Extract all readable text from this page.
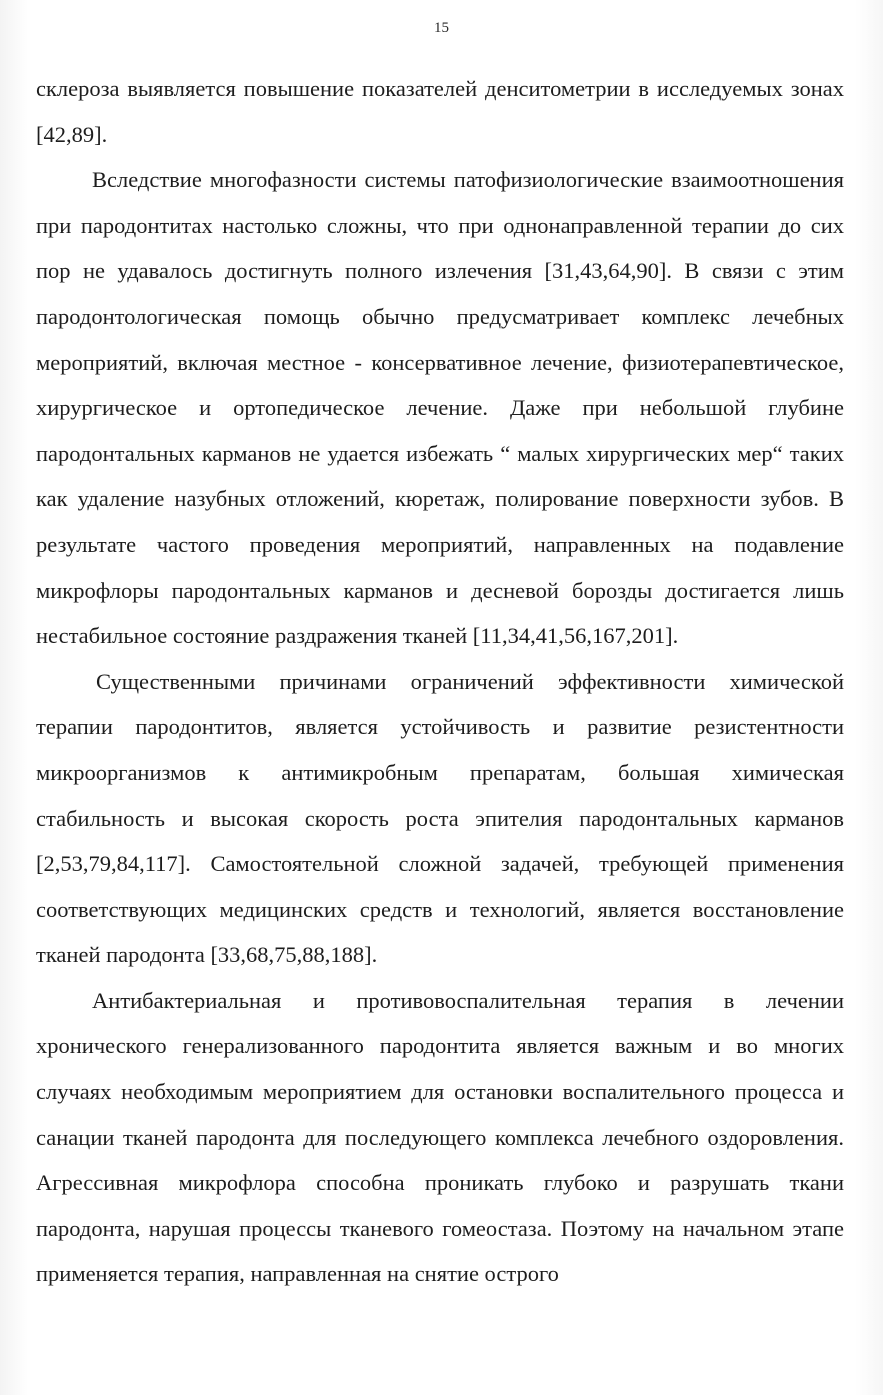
15

склероза выявляется повышение показателей денситометрии в исследуемых зонах [42,89].

Вследствие многофазности системы патофизиологические взаимоотношения при пародонтитах настолько сложны, что при однонаправленной терапии до сих пор не удавалось достигнуть полного излечения [31,43,64,90]. В связи с этим пародонтологическая помощь обычно предусматривает комплекс лечебных мероприятий, включая местное - консервативное лечение, физиотерапевтическое, хирургическое и ортопедическое лечение. Даже при небольшой глубине пародонтальных карманов не удается избежать “ малых хирургических мер“ таких как удаление назубных отложений, кюретаж, полирование поверхности зубов. В результате частого проведения мероприятий, направленных на подавление микрофлоры пародонтальных карманов и десневой борозды достигается лишь нестабильное состояние раздражения тканей [11,34,41,56,167,201].

Существенными причинами ограничений эффективности химической терапии пародонтитов, является устойчивость и развитие резистентности микроорганизмов к антимикробным препаратам, большая химическая стабильность и высокая скорость роста эпителия пародонтальных карманов [2,53,79,84,117]. Самостоятельной сложной задачей, требующей применения соответствующих медицинских средств и технологий, является восстановление тканей пародонта [33,68,75,88,188].

Антибактериальная и противовоспалительная терапия в лечении хронического генерализованного пародонтита является важным и во многих случаях необходимым мероприятием для остановки воспалительного процесса и санации тканей пародонта для последующего комплекса лечебного оздоровления. Агрессивная микрофлора способна проникать глубоко и разрушать ткани пародонта, нарушая процессы тканевого гомеостаза. Поэтому на начальном этапе применяется терапия, направленная на снятие острого
